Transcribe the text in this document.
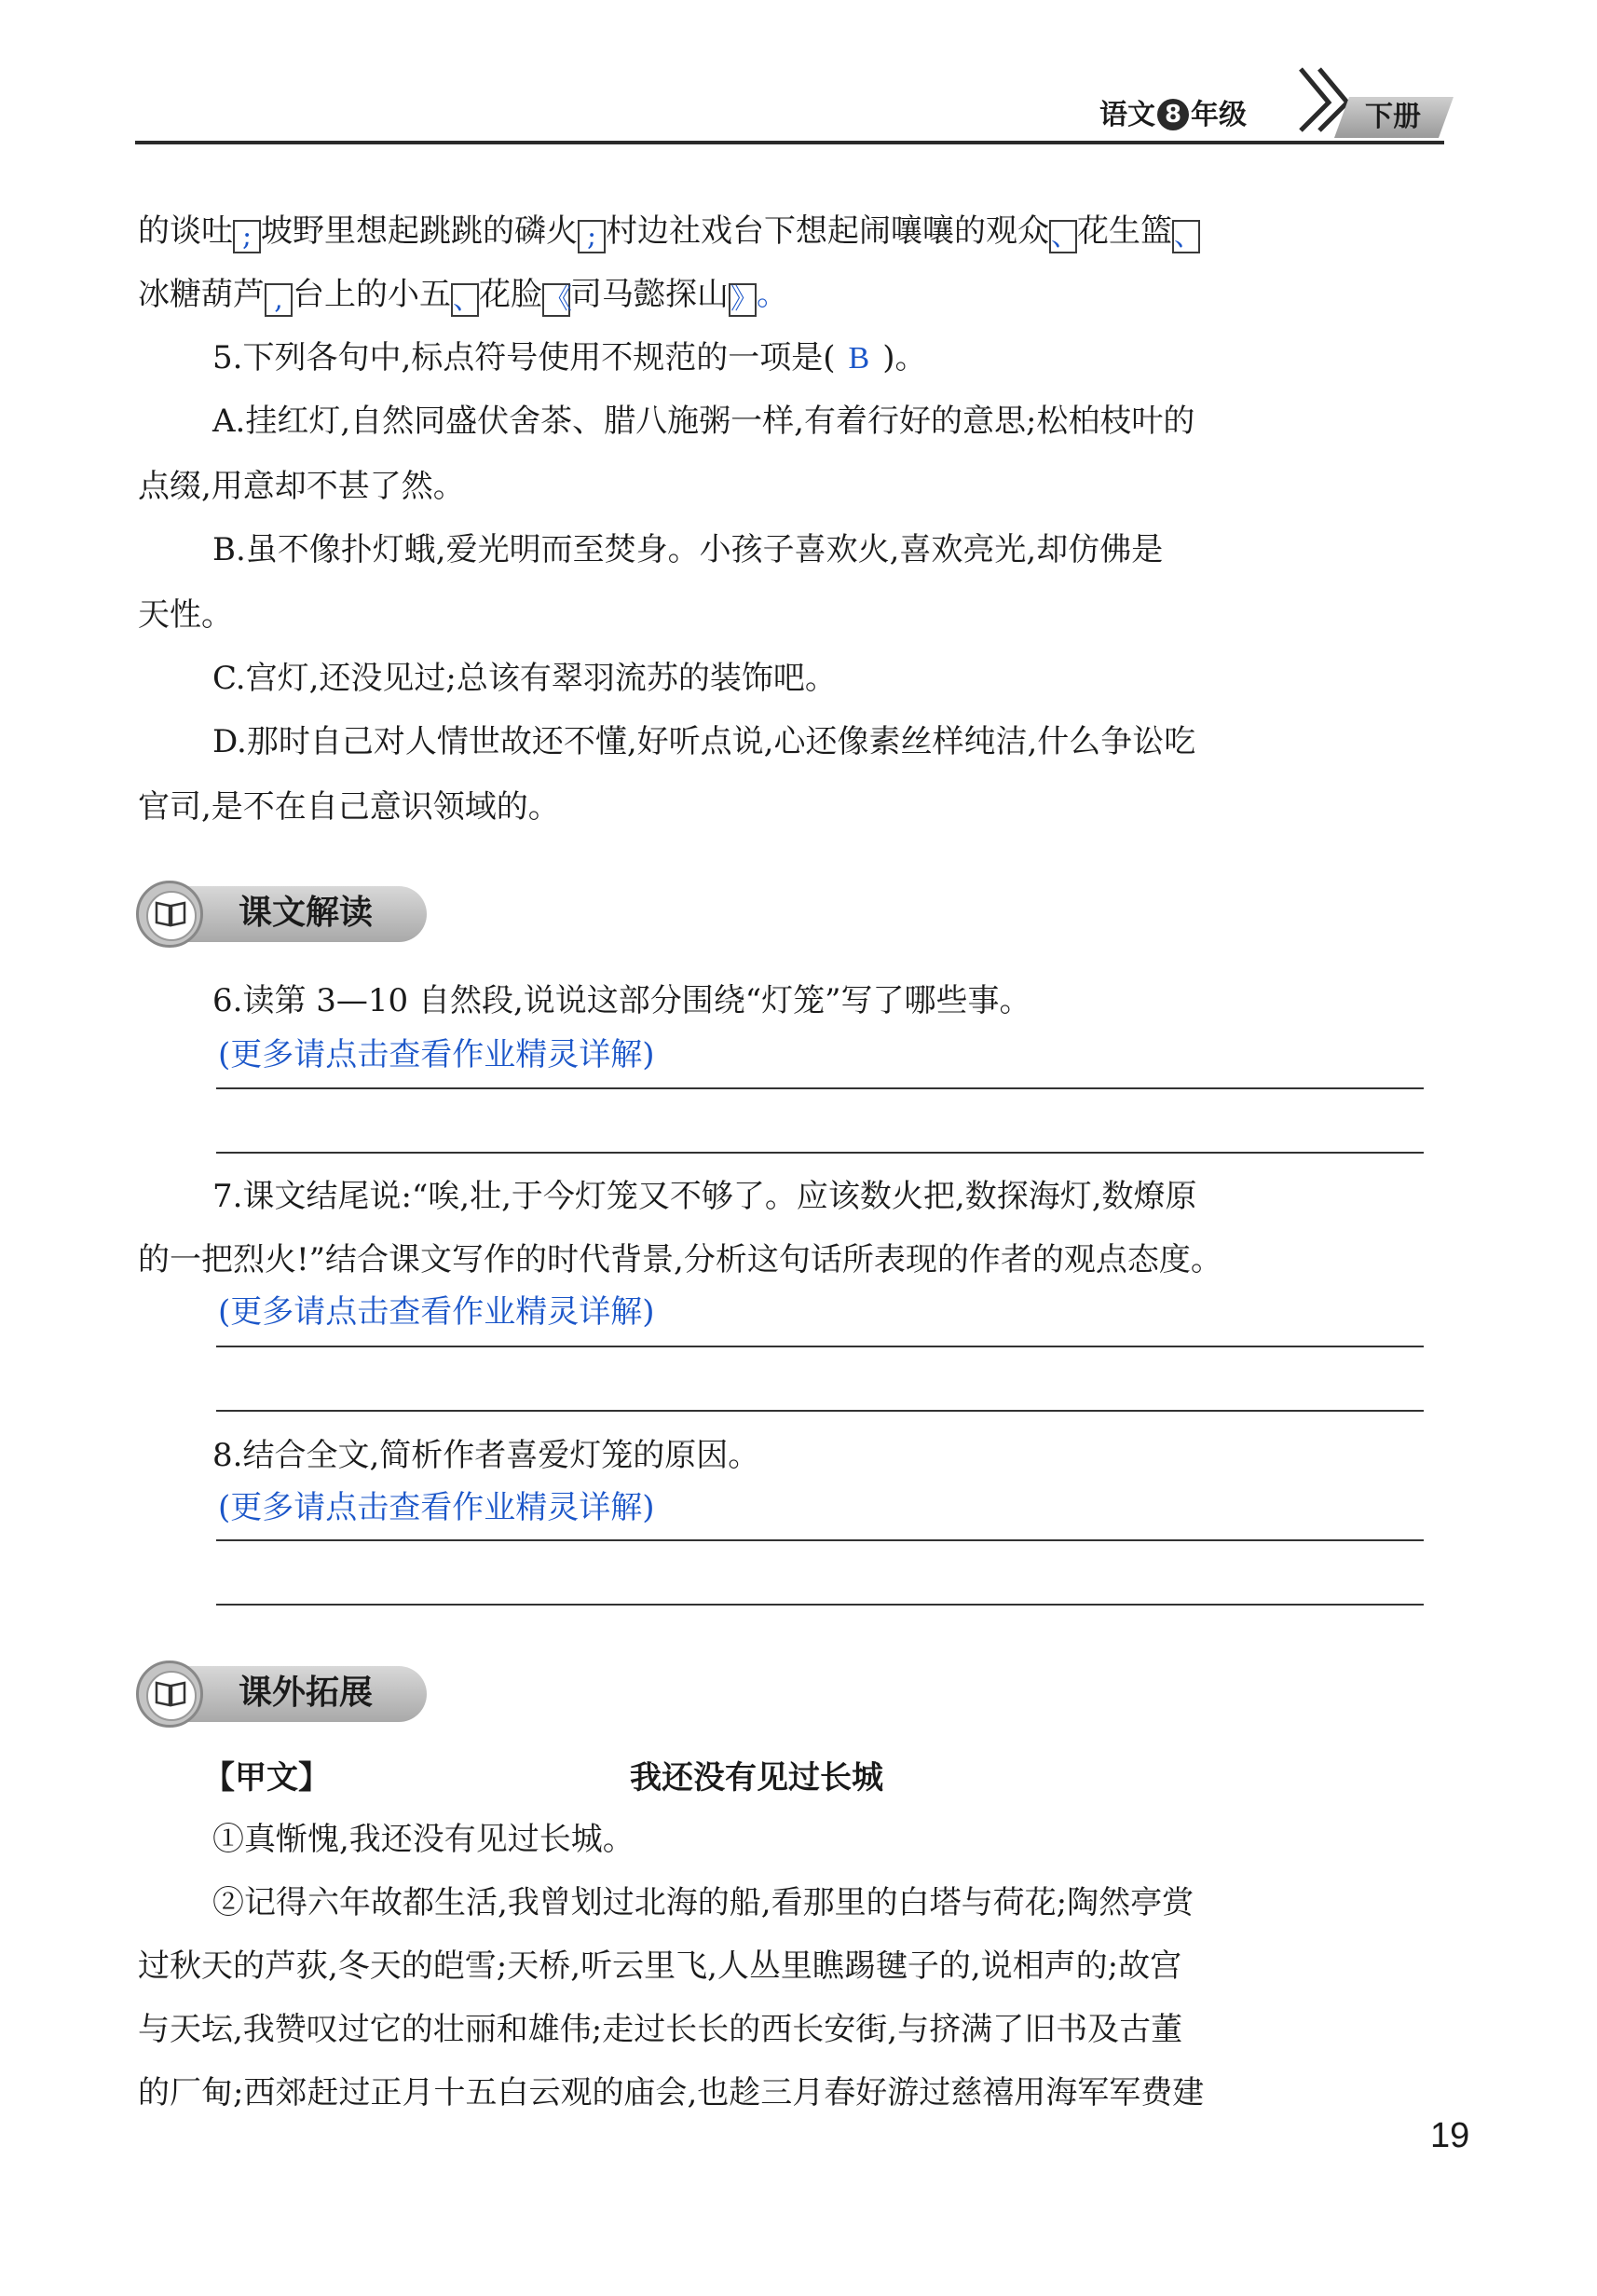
语文 8 年级	下册
的谈吐 ; 坡野里想起跳跳的磷火 ; 村边社戏台下想起闹嚷嚷的观众、花生篮、
冰糖葫芦 , 台上的小五、花脸《司马懿探山》。
5.下列各句中,标点符号使用不规范的一项是( B )。
A.挂红灯,自然同盛伏舍茶、腊八施粥一样,有着行好的意思;松柏枝叶的
点缀,用意却不甚了然。
B.虽不像扑灯蛾,爱光明而至焚身。小孩子喜欢火,喜欢亮光,却仿佛是
天性。
C.宫灯,还没见过;总该有翠羽流苏的装饰吧。
D.那时自己对人情世故还不懂,好听点说,心还像素丝样纯洁,什么争讼吃
官司,是不在自己意识领域的。
课文解读
6.读第 3—10 自然段,说说这部分围绕“灯笼”写了哪些事。
(更多请点击查看作业精灵详解)
7.课文结尾说:“唉,壮,于今灯笼又不够了。应该数火把,数探海灯,数燎原
的一把烈火!”结合课文写作的时代背景,分析这句话所表现的作者的观点态度。
(更多请点击查看作业精灵详解)
8.结合全文,简析作者喜爱灯笼的原因。
(更多请点击查看作业精灵详解)
课外拓展
【甲文】	我还没有见过长城
①真惭愧,我还没有见过长城。
②记得六年故都生活,我曾划过北海的船,看那里的白塔与荷花;陶然亭赏
过秋天的芦荻,冬天的皑雪;天桥,听云里飞,人丛里瞧踢毽子的,说相声的;故宫
与天坛,我赞叹过它的壮丽和雄伟;走过长长的西长安街,与挤满了旧书及古董
的厂甸;西郊赶过正月十五白云观的庙会,也趁三月春好游过慈禧用海军军费建
19
